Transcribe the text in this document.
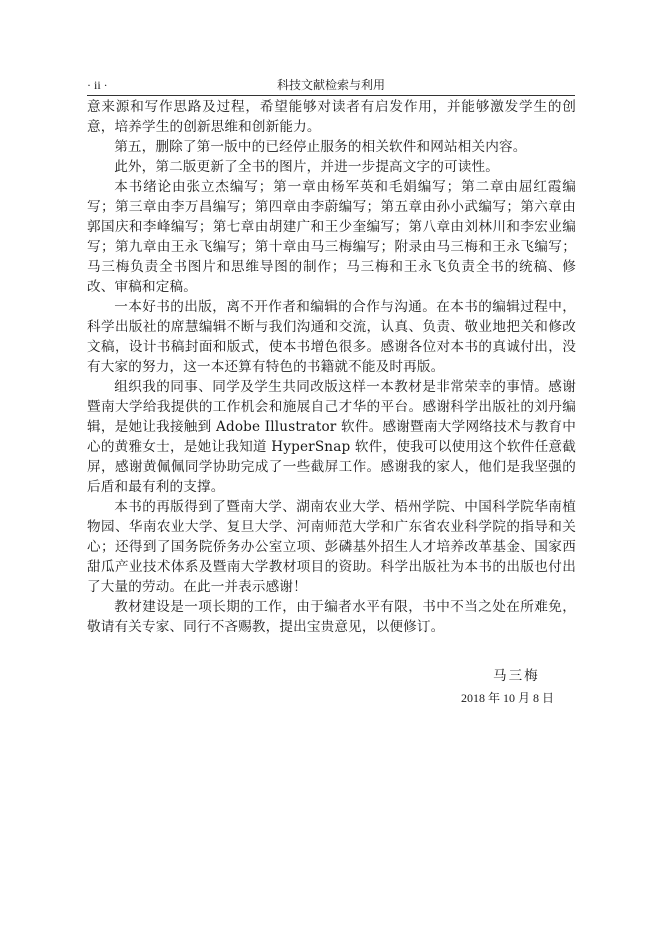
· ii ·	科技文献检索与利用

意来源和写作思路及过程，希望能够对读者有启发作用，并能够激发学生的创意，培养学生的创新思维和创新能力。

第五，删除了第一版中的已经停止服务的相关软件和网站相关内容。

此外，第二版更新了全书的图片，并进一步提高文字的可读性。

本书绪论由张立杰编写；第一章由杨军英和毛娟编写；第二章由屈红霞编写；第三章由李万昌编写；第四章由李蔚编写；第五章由孙小武编写；第六章由郭国庆和李峰编写；第七章由胡建广和王少奎编写；第八章由刘林川和李宏业编写；第九章由王永飞编写；第十章由马三梅编写；附录由马三梅和王永飞编写；马三梅负责全书图片和思维导图的制作；马三梅和王永飞负责全书的统稿、修改、审稿和定稿。

一本好书的出版，离不开作者和编辑的合作与沟通。在本书的编辑过程中，科学出版社的席慧编辑不断与我们沟通和交流，认真、负责、敬业地把关和修改文稿，设计书稿封面和版式，使本书增色很多。感谢各位对本书的真诚付出，没有大家的努力，这一本还算有特色的书籍就不能及时再版。

组织我的同事、同学及学生共同改版这样一本教材是非常荣幸的事情。感谢暨南大学给我提供的工作机会和施展自己才华的平台。感谢科学出版社的刘丹编辑，是她让我接触到 Adobe Illustrator 软件。感谢暨南大学网络技术与教育中心的黄雅女士，是她让我知道 HyperSnap 软件，使我可以使用这个软件任意截屏，感谢黄佩佩同学协助完成了一些截屏工作。感谢我的家人，他们是我坚强的后盾和最有利的支撑。

本书的再版得到了暨南大学、湖南农业大学、梧州学院、中国科学院华南植物园、华南农业大学、复旦大学、河南师范大学和广东省农业科学院的指导和关心；还得到了国务院侨务办公室立项、彭磷基外招生人才培养改革基金、国家西甜瓜产业技术体系及暨南大学教材项目的资助。科学出版社为本书的出版也付出了大量的劳动。在此一并表示感谢！

教材建设是一项长期的工作，由于编者水平有限，书中不当之处在所难免，敬请有关专家、同行不吝赐教，提出宝贵意见，以便修订。

马三梅
2018 年 10 月 8 日
